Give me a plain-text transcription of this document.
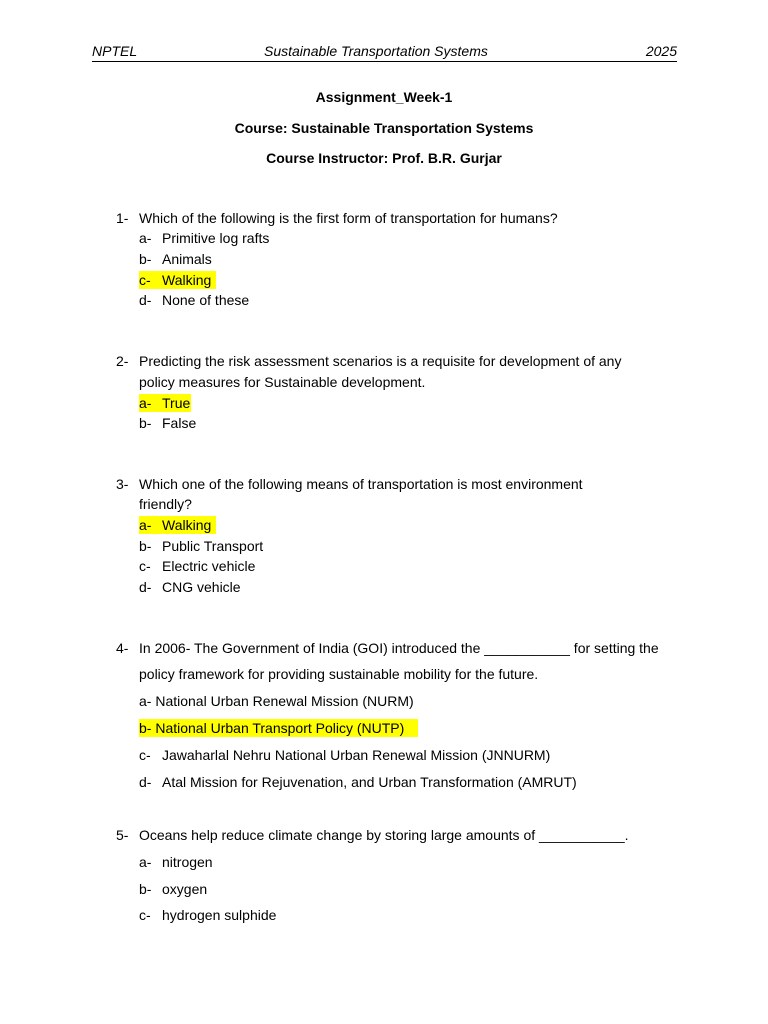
NPTEL	Sustainable Transportation Systems	2025
Assignment_Week-1
Course: Sustainable Transportation Systems
Course Instructor: Prof. B.R. Gurjar
1- Which of the following is the first form of transportation for humans?
a- Primitive log rafts
b- Animals
c- Walking
d- None of these
2- Predicting the risk assessment scenarios is a requisite for development of any
policy measures for Sustainable development.
a- True
b- False
3- Which one of the following means of transportation is most environment
friendly?
a- Walking
b- Public Transport
c- Electric vehicle
d- CNG vehicle
4- In 2006- The Government of India (GOI) introduced the ___________ for setting the
policy framework for providing sustainable mobility for the future.
a- National Urban Renewal Mission (NURM)
b- National Urban Transport Policy (NUTP)
c- Jawaharlal Nehru National Urban Renewal Mission (JNNURM)
d- Atal Mission for Rejuvenation, and Urban Transformation (AMRUT)
5- Oceans help reduce climate change by storing large amounts of ___________.
a- nitrogen
b- oxygen
c- hydrogen sulphide
